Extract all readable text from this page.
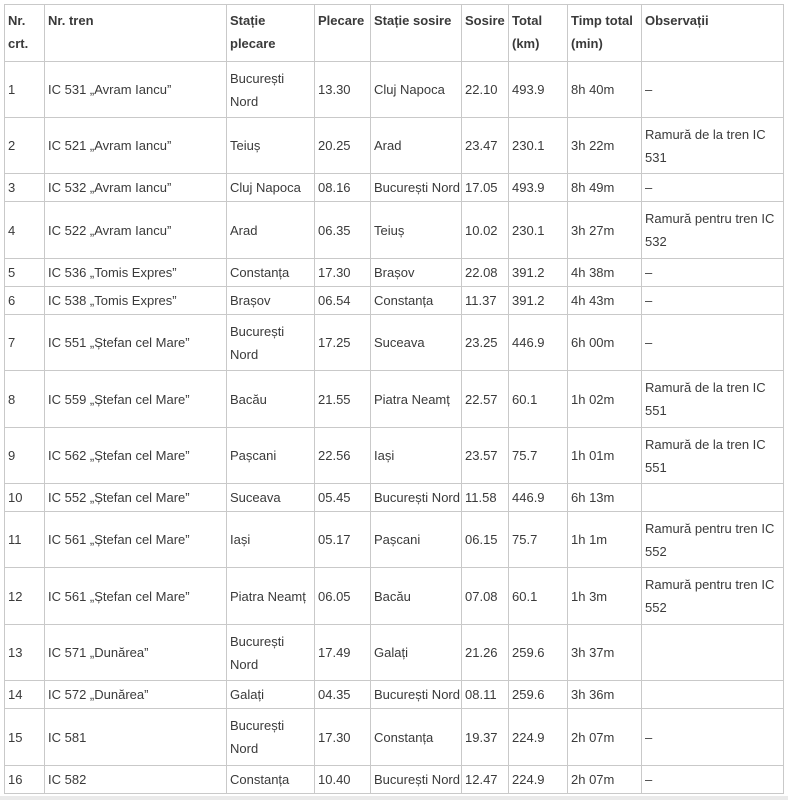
Nr. crt.	Nr. tren	Stație plecare	Plecare	Stație sosire	Sosire	Total (km)	Timp total (min)	Observații
1	IC 531 „Avram Iancu”	București Nord	13.30	Cluj Napoca	22.10	493.9	8h 40m	–
2	IC 521 „Avram Iancu”	Teiuș	20.25	Arad	23.47	230.1	3h 22m	Ramură de la tren IC 531
3	IC 532 „Avram Iancu”	Cluj Napoca	08.16	București Nord	17.05	493.9	8h 49m	–
4	IC 522 „Avram Iancu”	Arad	06.35	Teiuș	10.02	230.1	3h 27m	Ramură pentru tren IC 532
5	IC 536 „Tomis Expres”	Constanța	17.30	Brașov	22.08	391.2	4h 38m	–
6	IC 538 „Tomis Expres”	Brașov	06.54	Constanța	11.37	391.2	4h 43m	–
7	IC 551 „Ștefan cel Mare”	București Nord	17.25	Suceava	23.25	446.9	6h 00m	–
8	IC 559 „Ștefan cel Mare”	Bacău	21.55	Piatra Neamț	22.57	60.1	1h 02m	Ramură de la tren IC 551
9	IC 562 „Ștefan cel Mare”	Pașcani	22.56	Iași	23.57	75.7	1h 01m	Ramură de la tren IC 551
10	IC 552 „Ștefan cel Mare”	Suceava	05.45	București Nord	11.58	446.9	6h 13m	
11	IC 561 „Ștefan cel Mare”	Iași	05.17	Pașcani	06.15	75.7	1h 1m	Ramură pentru tren IC 552
12	IC 561 „Ștefan cel Mare”	Piatra Neamț	06.05	Bacău	07.08	60.1	1h 3m	Ramură pentru tren IC 552
13	IC 571 „Dunărea”	București Nord	17.49	Galați	21.26	259.6	3h 37m	
14	IC 572 „Dunărea”	Galați	04.35	București Nord	08.11	259.6	3h 36m	
15	IC 581	București Nord	17.30	Constanța	19.37	224.9	2h 07m	–
16	IC 582	Constanța	10.40	București Nord	12.47	224.9	2h 07m	–
